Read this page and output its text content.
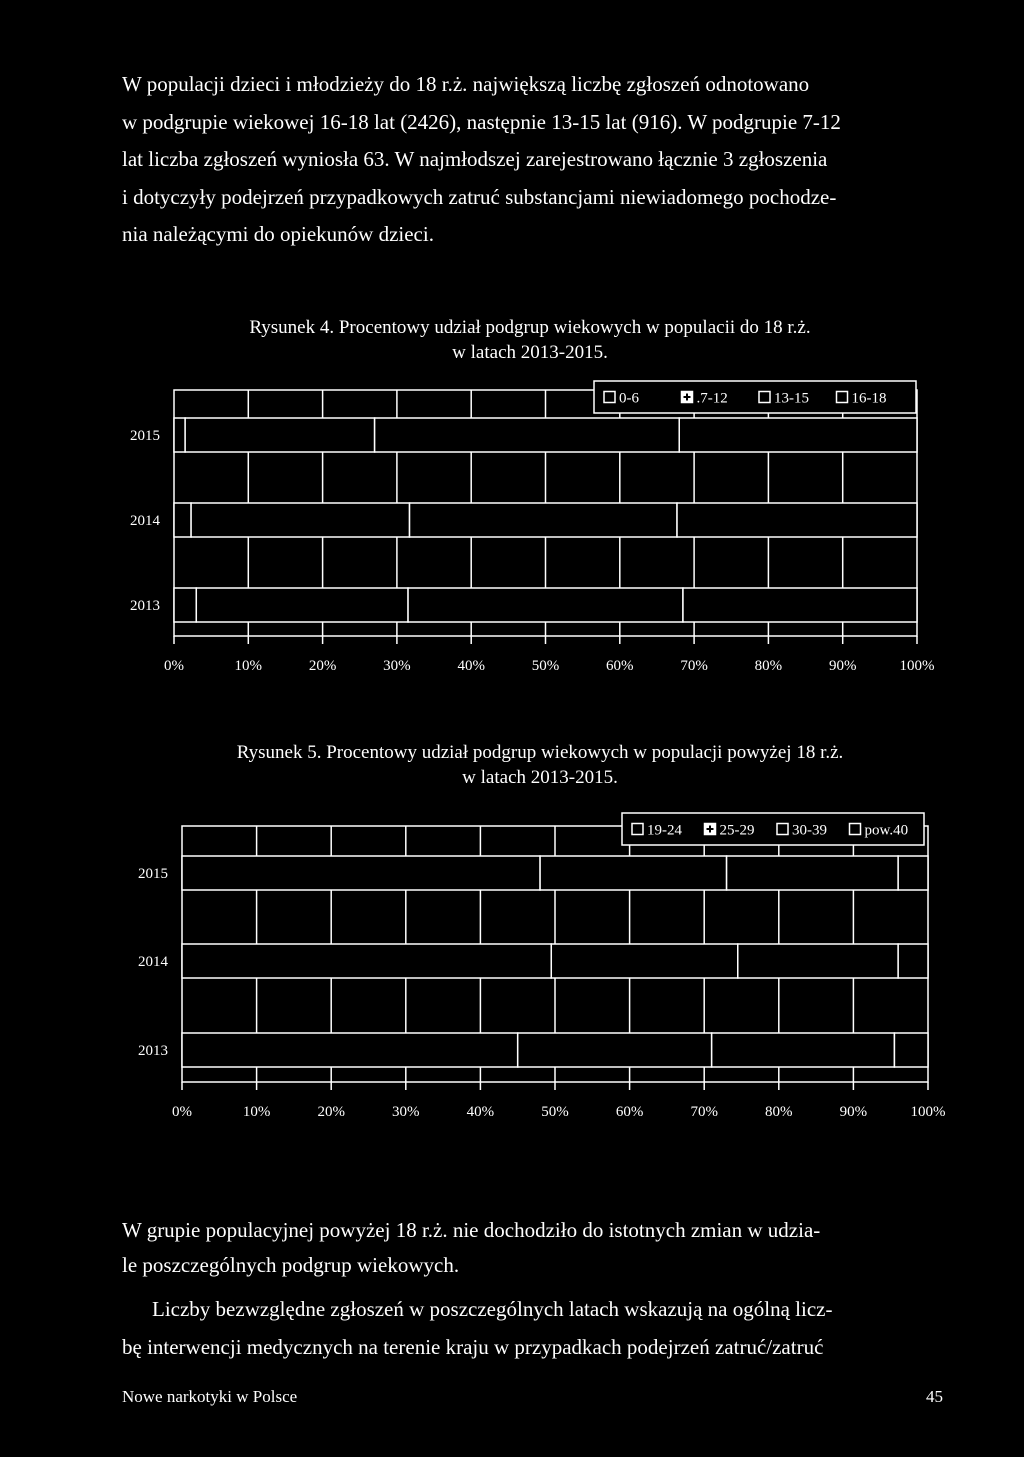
W populacji dzieci i młodzieży do 18 r.ż. największą liczbę zgłoszeń odnotowano
w podgrupie wiekowej 16-18 lat (2426), następnie 13-15 lat (916). W podgrupie 7-12
lat liczba zgłoszeń wyniosła 63. W najmłodszej zarejestrowano łącznie 3 zgłoszenia
i dotyczyły podejrzeń przypadkowych zatruć substancjami niewiadomego pochodze-
nia należącymi do opiekunów dzieci.

Rysunek 4. Procentowy udział podgrup wiekowych w populacii do 18 r.ż.
w latach 2013-2015.
0%	10%	20%	30%	40%	50%	60%	70%	80%	90%	100%
2015
2014
2013
0-6	.7-12	13-15	16-18
Rysunek 5. Procentowy udział podgrup wiekowych w populacji powyżej 18 r.ż.
w latach 2013-2015.
0%	10%	20%	30%	40%	50%	60%	70%	80%	90%	100%
2015
2014
2013
19-24	25-29	30-39	pow.40

W grupie populacyjnej powyżej 18 r.ż. nie dochodziło do istotnych zmian w udzia-
le poszczególnych podgrup wiekowych.

Liczby bezwzględne zgłoszeń w poszczególnych latach wskazują na ogólną licz-
bę interwencji medycznych na terenie kraju w przypadkach podejrzeń zatruć/zatruć

Nowe narkotyki w Polsce	45
